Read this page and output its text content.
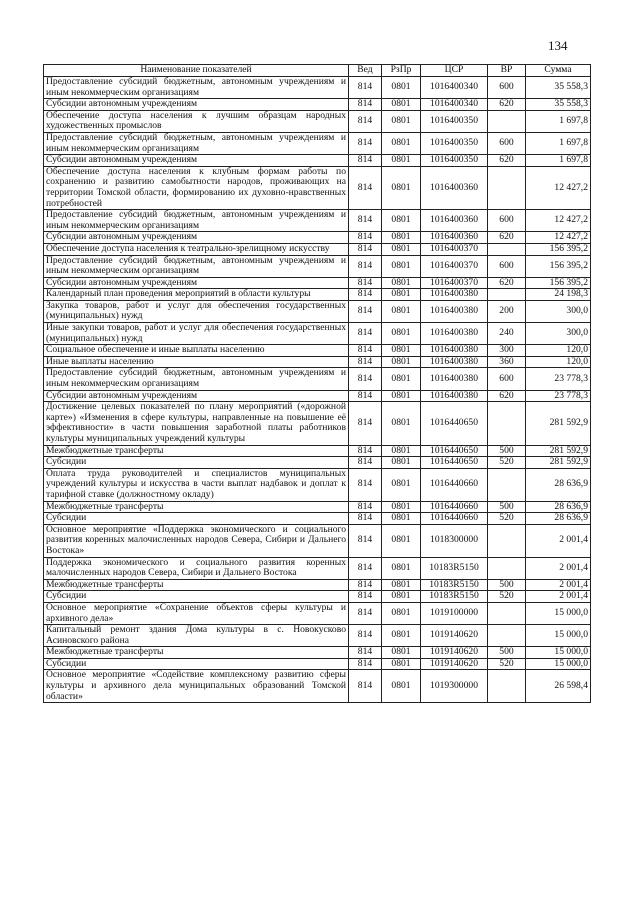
134
Наименование показателей	Вед	РзПр	ЦСР	ВР	Сумма
Предоставление субсидий бюджетным, автономным учреждениям и иным некоммерческим организациям	814	0801	1016400340	600	35 558,3
Субсидии автономным учреждениям	814	0801	1016400340	620	35 558,3
Обеспечение доступа населения к лучшим образцам народных художественных промыслов	814	0801	1016400350		1 697,8
Предоставление субсидий бюджетным, автономным учреждениям и иным некоммерческим организациям	814	0801	1016400350	600	1 697,8
Субсидии автономным учреждениям	814	0801	1016400350	620	1 697,8
Обеспечение доступа населения к клубным формам работы по сохранению и развитию самобытности народов, проживающих на территории Томской области, формированию их духовно-нравственных потребностей	814	0801	1016400360		12 427,2
Предоставление субсидий бюджетным, автономным учреждениям и иным некоммерческим организациям	814	0801	1016400360	600	12 427,2
Субсидии автономным учреждениям	814	0801	1016400360	620	12 427,2
Обеспечение доступа населения к театрально-зрелищному искусству	814	0801	1016400370		156 395,2
Предоставление субсидий бюджетным, автономным учреждениям и иным некоммерческим организациям	814	0801	1016400370	600	156 395,2
Субсидии автономным учреждениям	814	0801	1016400370	620	156 395,2
Календарный план проведения мероприятий в области культуры	814	0801	1016400380		24 198,3
Закупка товаров, работ и услуг для обеспечения государственных (муниципальных) нужд	814	0801	1016400380	200	300,0
Иные закупки товаров, работ и услуг для обеспечения государственных (муниципальных) нужд	814	0801	1016400380	240	300,0
Социальное обеспечение и иные выплаты населению	814	0801	1016400380	300	120,0
Иные выплаты населению	814	0801	1016400380	360	120,0
Предоставление субсидий бюджетным, автономным учреждениям и иным некоммерческим организациям	814	0801	1016400380	600	23 778,3
Субсидии автономным учреждениям	814	0801	1016400380	620	23 778,3
Достижение целевых показателей по плану мероприятий («дорожной карте») «Изменения в сфере культуры, направленные на повышение её эффективности» в части повышения заработной платы работников культуры муниципальных учреждений культуры	814	0801	1016440650		281 592,9
Межбюджетные трансферты	814	0801	1016440650	500	281 592,9
Субсидии	814	0801	1016440650	520	281 592,9
Оплата труда руководителей и специалистов муниципальных учреждений культуры и искусства в части выплат надбавок и доплат к тарифной ставке (должностному окладу)	814	0801	1016440660		28 636,9
Межбюджетные трансферты	814	0801	1016440660	500	28 636,9
Субсидии	814	0801	1016440660	520	28 636,9
Основное мероприятие «Поддержка экономического и социального развития коренных малочисленных народов Севера, Сибири и Дальнего Востока»	814	0801	1018300000		2 001,4
Поддержка экономического и социального развития коренных малочисленных народов Севера, Сибири и Дальнего Востока	814	0801	10183R5150		2 001,4
Межбюджетные трансферты	814	0801	10183R5150	500	2 001,4
Субсидии	814	0801	10183R5150	520	2 001,4
Основное мероприятие «Сохранение объектов сферы культуры и архивного дела»	814	0801	1019100000		15 000,0
Капитальный ремонт здания Дома культуры в с. Новокусково Асиновского района	814	0801	1019140620		15 000,0
Межбюджетные трансферты	814	0801	1019140620	500	15 000,0
Субсидии	814	0801	1019140620	520	15 000,0
Основное мероприятие «Содействие комплексному развитию сферы культуры и архивного дела муниципальных образований Томской области»	814	0801	1019300000		26 598,4
